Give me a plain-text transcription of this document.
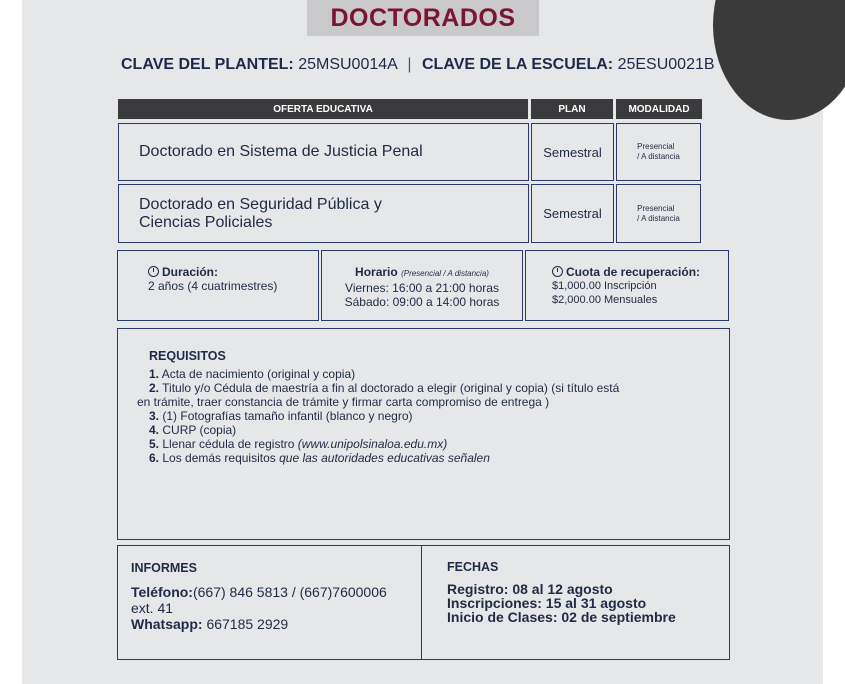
DOCTORADOS
CLAVE DEL PLANTEL: 25MSU0014A | CLAVE DE LA ESCUELA: 25ESU0021B
OFERTA EDUCATIVA	PLAN	MODALIDAD
Doctorado en Sistema de Justicia Penal	Semestral	Presencial
/ A distancia
Doctorado en Seguridad Pública y
Ciencias Policiales	Semestral	Presencial
/ A distancia
Duración:
2 años (4 cuatrimestres)
Horario (Presencial / A distancia)
Viernes: 16:00 a 21:00 horas
Sábado: 09:00 a 14:00 horas
Cuota de recuperación:
$1,000.00 Inscripción
$2,000.00 Mensuales
REQUISITOS
1. Acta de nacimiento (original y copia)
2. Titulo y/o Cédula de maestría a fin al doctorado a elegir (original y copia) (si título está
en trámite, traer constancia de trámite y firmar carta compromiso de entrega )
3. (1) Fotografías tamaño infantil (blanco y negro)
4. CURP (copia)
5. Llenar cédula de registro (www.unipolsinaloa.edu.mx)
6. Los demás requisitos que las autoridades educativas señalen
INFORMES
Teléfono:(667) 846 5813 / (667)7600006
ext. 41
Whatsapp: 667185 2929
FECHAS
Registro: 08 al 12 agosto
Inscripciones: 15 al 31 agosto
Inicio de Clases: 02 de septiembre
